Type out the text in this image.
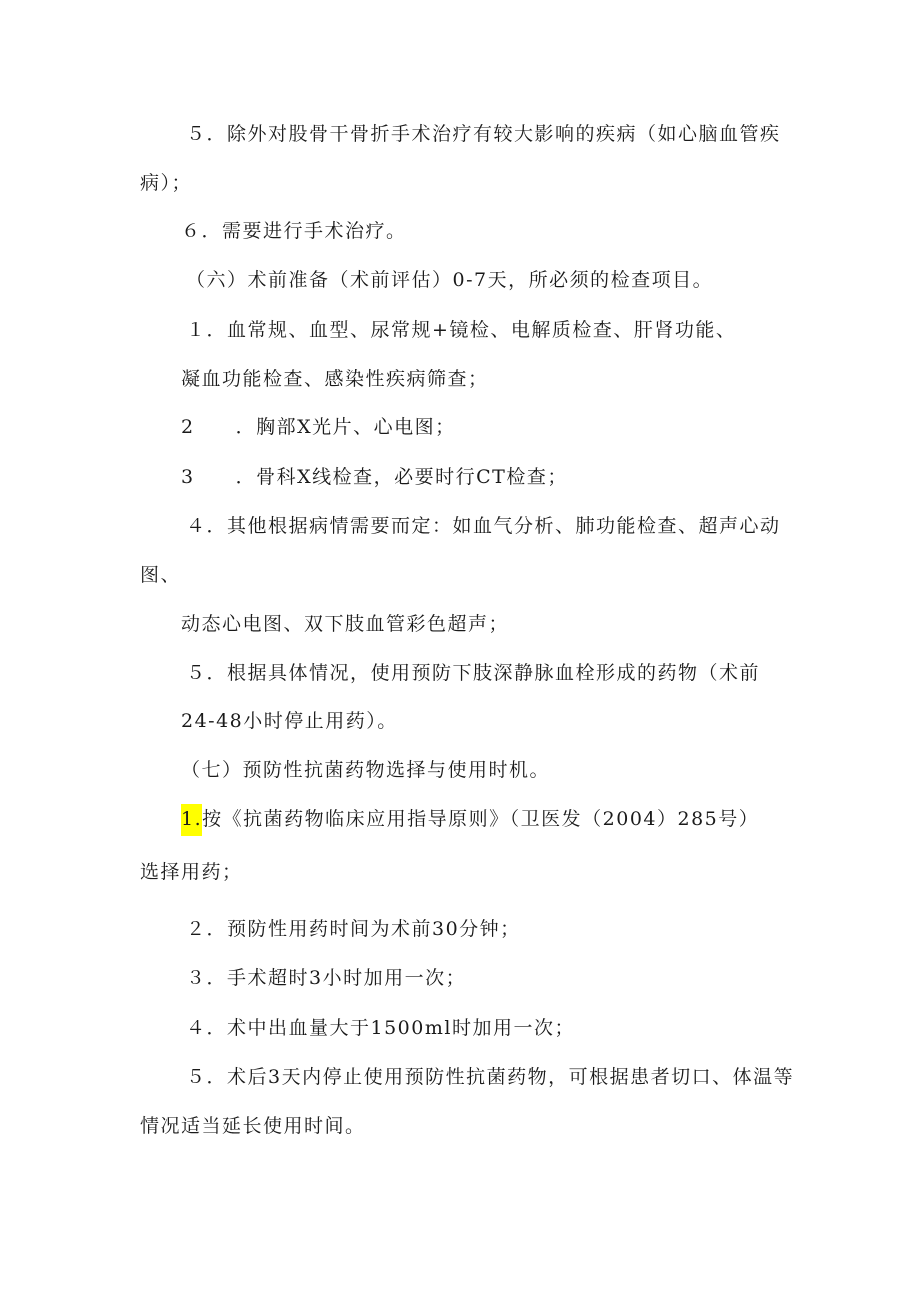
５．除外对股骨干骨折手术治疗有较大影响的疾病（如心脑血管疾
病）；
６．需要进行手术治疗。
（六）术前准备（术前评估）0-7天，所必须的检查项目。
１．血常规、血型、尿常规+镜检、电解质检查、肝肾功能、
凝血功能检查、感染性疾病筛查；
2　　．胸部X光片、心电图；
3　　．骨科X线检查，必要时行CT检查；
４．其他根据病情需要而定：如血气分析、肺功能检查、超声心动
图、
动态心电图、双下肢血管彩色超声；
５．根据具体情况，使用预防下肢深静脉血栓形成的药物（术前
24-48小时停止用药）。
（七）预防性抗菌药物选择与使用时机。
1.按《抗菌药物临床应用指导原则》（卫医发（2004）285号）
选择用药；
２．预防性用药时间为术前30分钟；
３．手术超时3小时加用一次；
４．术中出血量大于1500ml时加用一次；
５．术后3天内停止使用预防性抗菌药物，可根据患者切口、体温等
情况适当延长使用时间。
